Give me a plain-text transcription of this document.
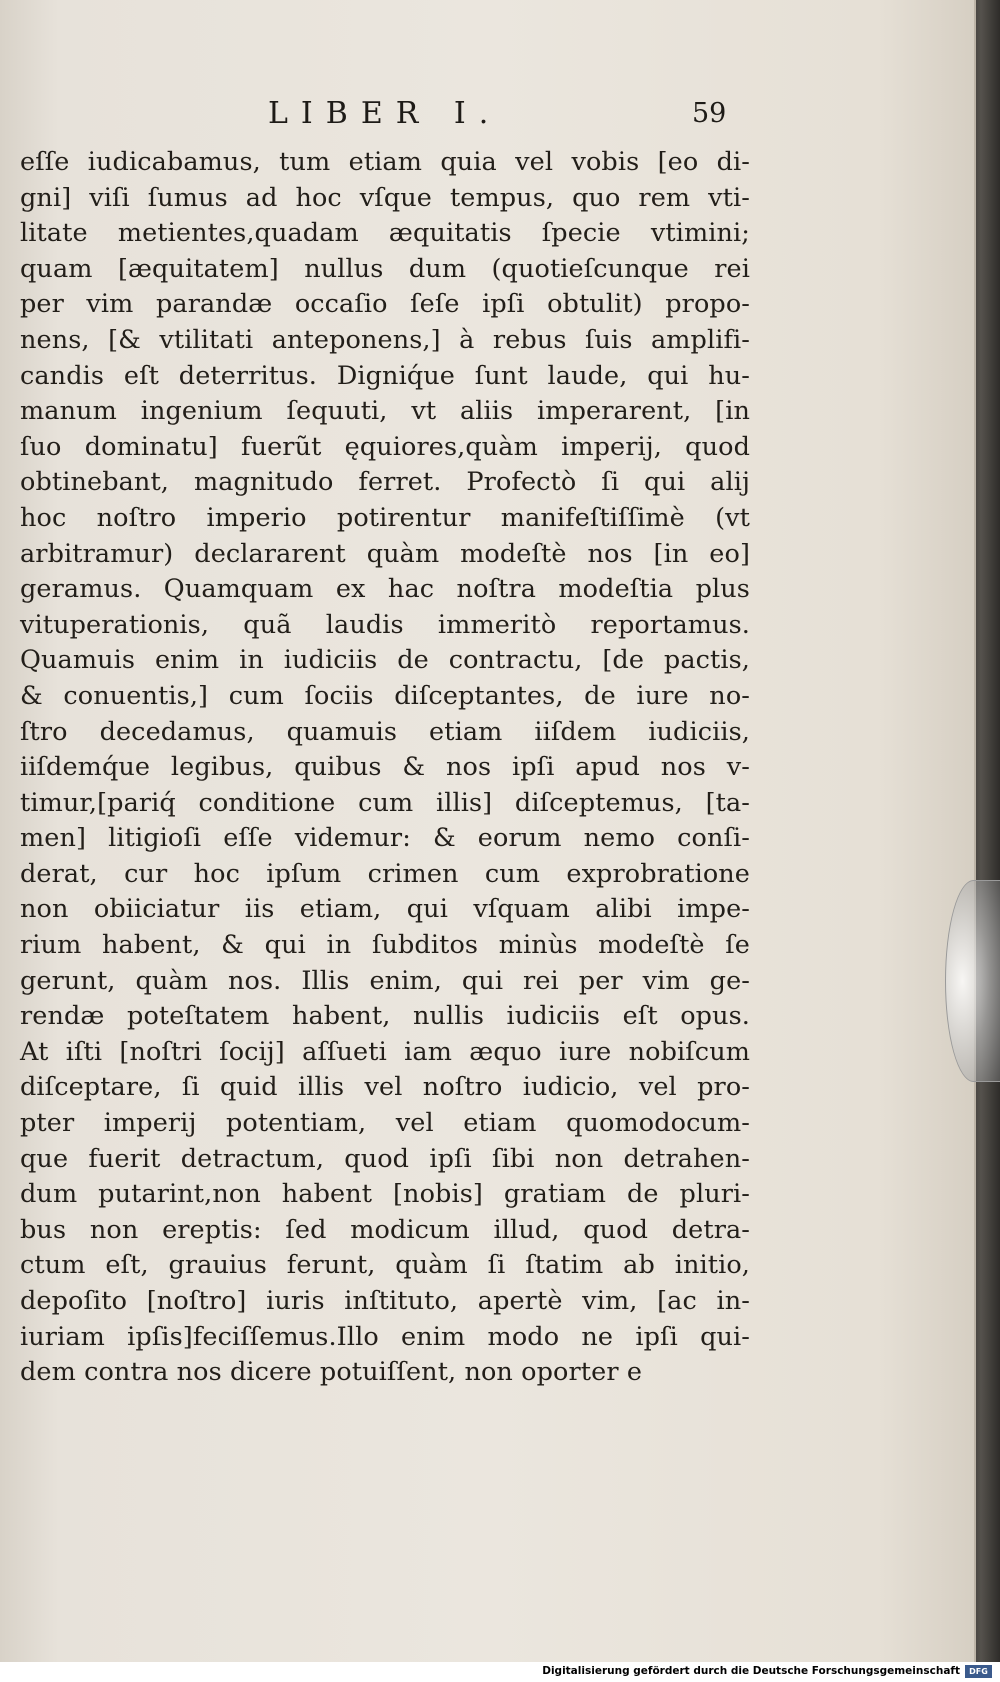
LIBER I.	59
eſſe iudicabamus, tum etiam quia vel vobis [eo di-
gni] viſi ſumus ad hoc vſque tempus, quo rem vti-
litate metientes,quadam æquitatis ſpecie vtimini;
quam [æquitatem] nullus dum (quotieſcunque rei
per vim parandæ occaſio ſeſe ipſi obtulit) propo-
nens, [& vtilitati anteponens,] à rebus ſuis amplifi-
candis eſt deterritus. Digniq́ue ſunt laude, qui hu-
manum ingenium ſequuti, vt aliis imperarent, [in
ſuo dominatu] fuerũt ęquiores,quàm imperij, quod
obtinebant, magnitudo ferret. Profectò ſi qui alij
hoc noſtro imperio potirentur manifeſtiſſimè (vt
arbitramur) declararent quàm modeſtè nos [in eo]
geramus. Quamquam ex hac noſtra modeſtia plus
vituperationis, quã laudis immeritò reportamus.
Quamuis enim in iudiciis de contractu, [de pactis,
& conuentis,] cum ſociis diſceptantes, de iure no-
ſtro decedamus, quamuis etiam iiſdem iudiciis,
iiſdemq́ue legibus, quibus & nos ipſi apud nos v-
timur,[pariq́ conditione cum illis] diſceptemus, [ta-
men] litigioſi eſſe videmur: & eorum nemo conſi-
derat, cur hoc ipſum crimen cum exprobratione
non obiiciatur iis etiam, qui vſquam alibi impe-
rium habent, & qui in ſubditos minùs modeſtè ſe
gerunt, quàm nos. Illis enim, qui rei per vim ge-
rendæ poteſtatem habent, nullis iudiciis eſt opus.
At iſti [noſtri ſocij] aſſueti iam æquo iure nobiſcum
diſceptare, ſi quid illis vel noſtro iudicio, vel pro-
pter imperij potentiam, vel etiam quomodocum-
que fuerit detractum, quod ipſi ſibi non detrahen-
dum putarint,non habent [nobis] gratiam de pluri-
bus non ereptis: ſed modicum illud, quod detra-
ctum eſt, grauius ferunt, quàm ſi ſtatim ab initio,
depoſito [noſtro] iuris inſtituto, apertè vim, [ac in-
iuriam ipſis]feciſſemus.Illo enim modo ne ipſi qui-
dem contra nos dicere potuiſſent, non oporter e
Digitalisierung gefördert durch die Deutsche Forschungsgemeinschaft	DFG
